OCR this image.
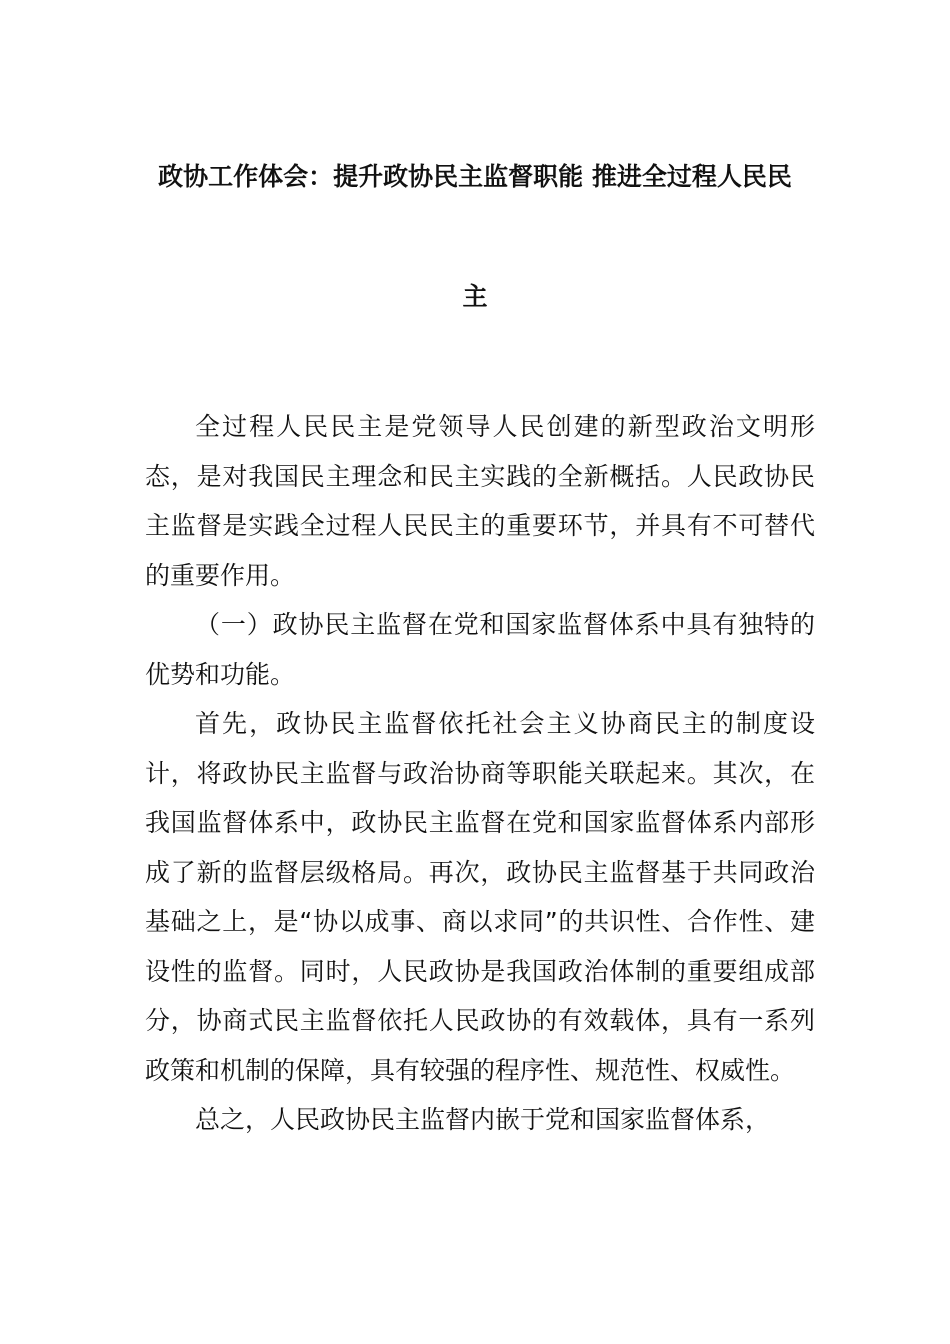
政协工作体会：提升政协民主监督职能 推进全过程人民民
主

全过程人民民主是党领导人民创建的新型政治文明形态，是对我国民主理念和民主实践的全新概括。人民政协民主监督是实践全过程人民民主的重要环节，并具有不可替代的重要作用。

（一）政协民主监督在党和国家监督体系中具有独特的优势和功能。

首先，政协民主监督依托社会主义协商民主的制度设计，将政协民主监督与政治协商等职能关联起来。其次，在我国监督体系中，政协民主监督在党和国家监督体系内部形成了新的监督层级格局。再次，政协民主监督基于共同政治基础之上，是“协以成事、商以求同”的共识性、合作性、建设性的监督。同时，人民政协是我国政治体制的重要组成部分，协商式民主监督依托人民政协的有效载体，具有一系列政策和机制的保障，具有较强的程序性、规范性、权威性。

总之，人民政协民主监督内嵌于党和国家监督体系，
